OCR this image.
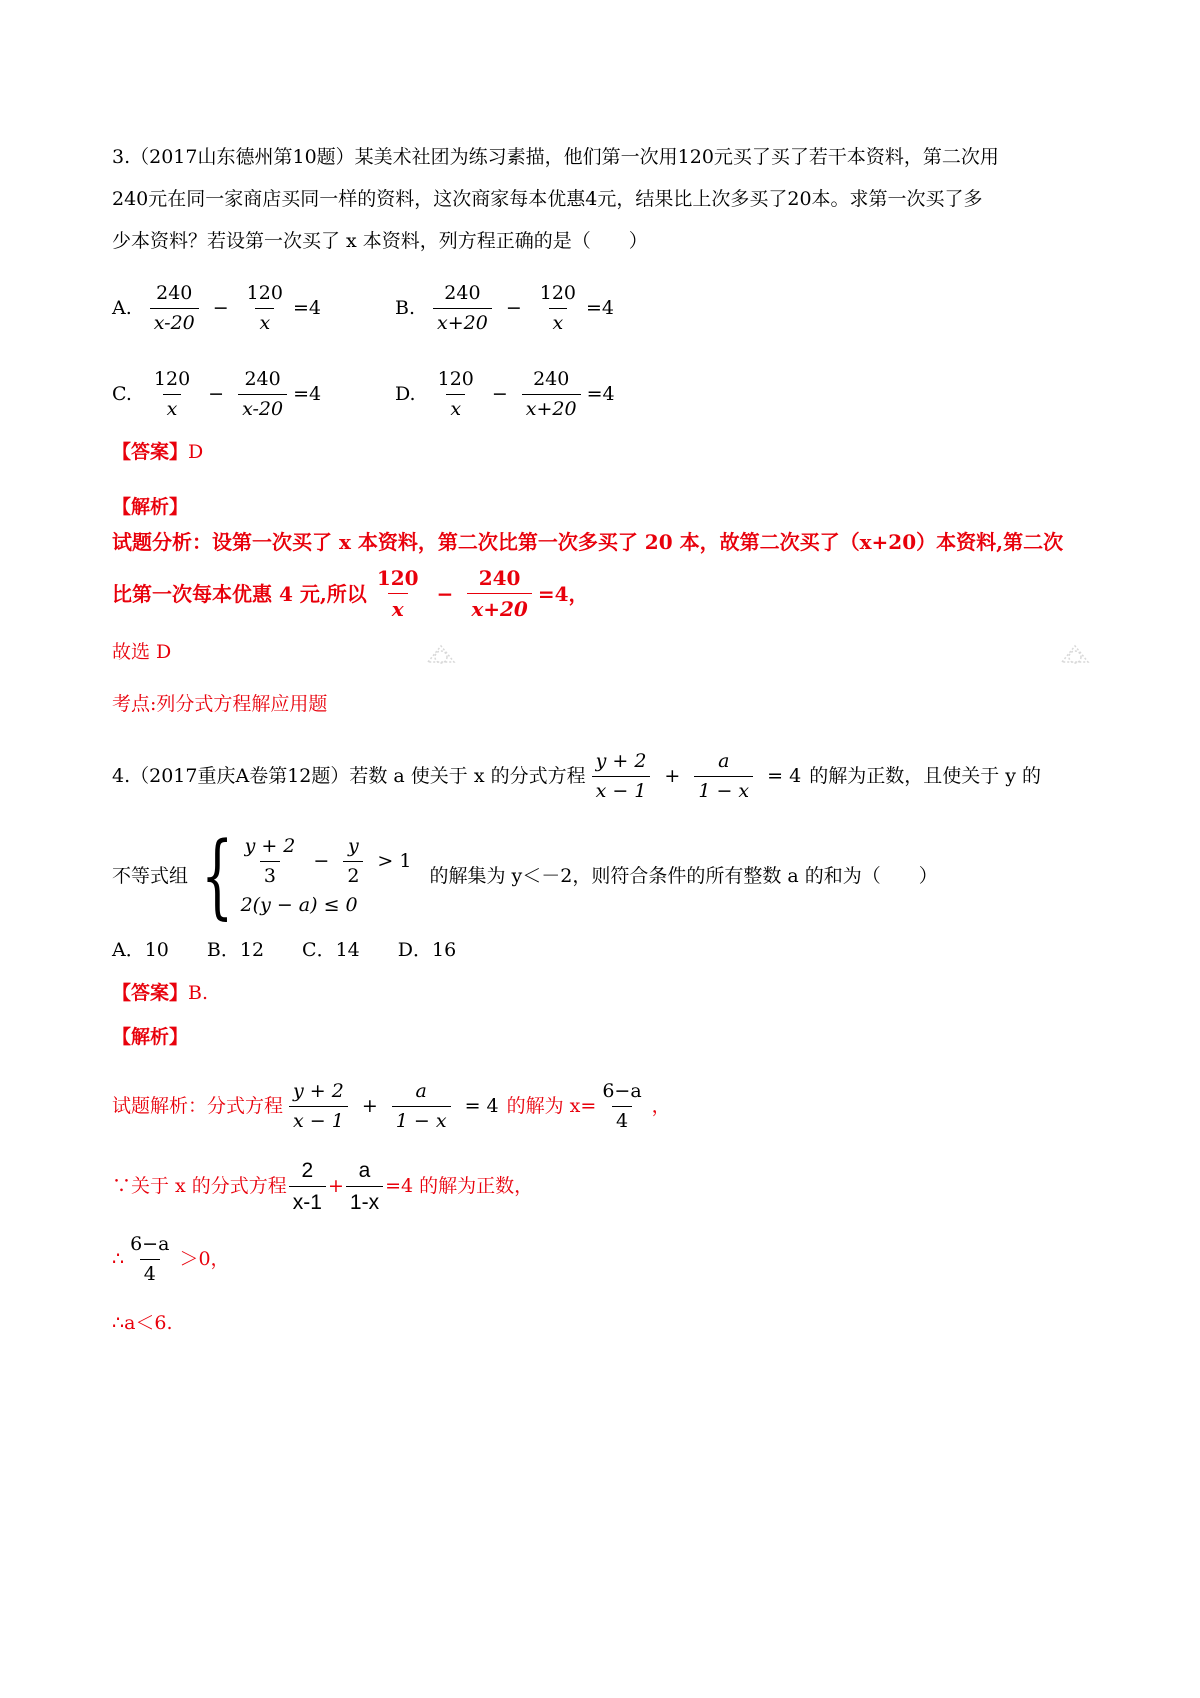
3.（2017山东德州第10题）某美术社团为练习素描，他们第一次用120元买了买了若干本资料，第二次用
240元在同一家商店买同一样的资料，这次商家每本优惠4元，结果比上次多买了20本。求第一次买了多
少本资料？若设第一次买了 x 本资料，列方程正确的是（　　）
A. $\frac{240}{x-20} - \frac{120}{x} =4$	B. $\frac{240}{x+20} - \frac{120}{x} =4$
C. $\frac{120}{x} - \frac{240}{x-20} =4$	D. $\frac{120}{x} - \frac{240}{x+20} =4$
【答案】D
【解析】
试题分析：设第一次买了 x 本资料，第二次比第一次多买了 20 本，故第二次买了（x+20）本资料,第二次
比第一次每本优惠 4 元,所以 $\frac{120}{x} - \frac{240}{x+20} =4$，
故选 D
考点:列分式方程解应用题
4.（2017重庆A卷第12题）若数 a 使关于 x 的分式方程 $\frac{y + 2}{x - 1} + \frac{a}{1 - x} = 4$ 的解为正数，且使关于 y 的
不等式组 { $\frac{y + 2}{3} - \frac{y}{2} > 1$
2(y − a) ≤ 0
的解集为 y＜－2，则符合条件的所有整数 a 的和为（　　）
A．10　　B．12　　C．14　　D．16
【答案】B.
【解析】
试题解析：分式方程 $\frac{y + 2}{x - 1} + \frac{a}{1 - x} = 4$ 的解为 $x= \frac{6-a}{4}$ ，
∵关于 x 的分式方程 $\frac{2}{x-1} + \frac{a}{1-x} =4$ 的解为正数，
∴ $\frac{6-a}{4} >0$，
∴a＜6.
